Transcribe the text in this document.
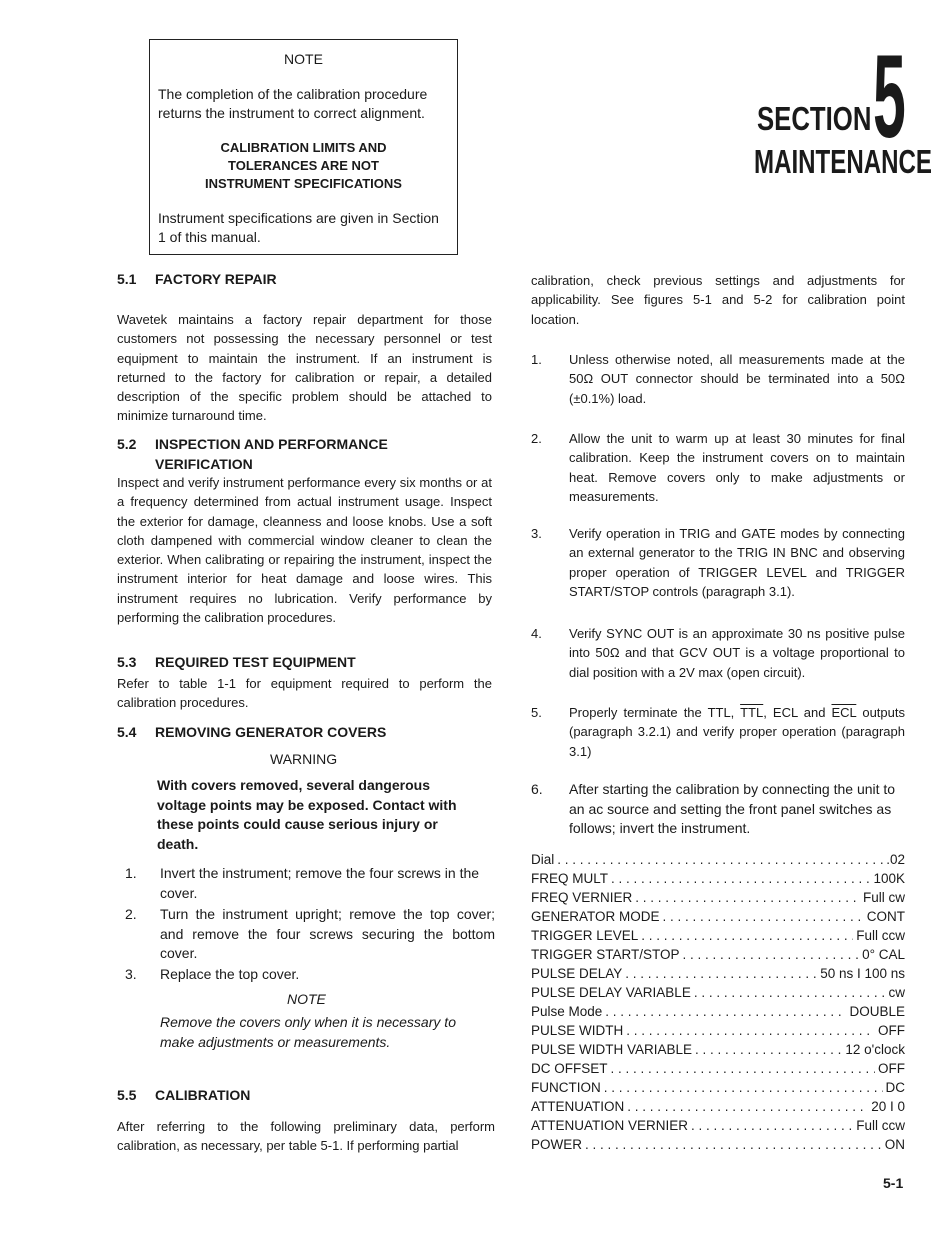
NOTE
The completion of the calibration procedure returns the instrument to correct alignment.
CALIBRATION LIMITS AND
TOLERANCES ARE NOT
INSTRUMENT SPECIFICATIONS
Instrument specifications are given in Section 1 of this manual.
SECTION 5
MAINTENANCE
5.1 FACTORY REPAIR
Wavetek maintains a factory repair department for those customers not possessing the necessary personnel or test equipment to maintain the instrument. If an instrument is returned to the factory for calibration or repair, a detailed description of the specific problem should be attached to minimize turnaround time.
5.2 INSPECTION AND PERFORMANCE
VERIFICATION
Inspect and verify instrument performance every six months or at a frequency determined from actual instrument usage. Inspect the exterior for damage, cleanness and loose knobs. Use a soft cloth dampened with commercial window cleaner to clean the exterior. When calibrating or repairing the instrument, inspect the instrument interior for heat damage and loose wires. This instrument requires no lubrication. Verify performance by performing the calibration procedures.
5.3 REQUIRED TEST EQUIPMENT
Refer to table 1-1 for equipment required to perform the calibration procedures.
5.4 REMOVING GENERATOR COVERS
WARNING
With covers removed, several dangerous voltage points may be exposed. Contact with these points could cause serious injury or death.
1. Invert the instrument; remove the four screws in the cover.
2. Turn the instrument upright; remove the top cover; and remove the four screws securing the bottom cover.
3. Replace the top cover.
NOTE
Remove the covers only when it is necessary to make adjustments or measurements.
5.5 CALIBRATION
After referring to the following preliminary data, perform calibration, as necessary, per table 5-1. If performing partial
calibration, check previous settings and adjustments for applicability. See figures 5-1 and 5-2 for calibration point location.
1. Unless otherwise noted, all measurements made at the 50Ω OUT connector should be terminated into a 50Ω (±0.1%) load.
2. Allow the unit to warm up at least 30 minutes for final calibration. Keep the instrument covers on to maintain heat. Remove covers only to make adjustments or measurements.
3. Verify operation in TRIG and GATE modes by connecting an external generator to the TRIG IN BNC and observing proper operation of TRIGGER LEVEL and TRIGGER START/STOP controls (paragraph 3.1).
4. Verify SYNC OUT is an approximate 30 ns positive pulse into 50Ω and that GCV OUT is a voltage proportional to dial position with a 2V max (open circuit).
5. Properly terminate the TTL, $\overline{TTL}$, ECL and $\overline{ECL}$ outputs (paragraph 3.2.1) and verify proper operation (paragraph 3.1)
6. After starting the calibration by connecting the unit to an ac source and setting the front panel switches as follows; invert the instrument.
Dial . . .	.02
FREQ MULT . . .	100K
FREQ VERNIER . . .	Full cw
GENERATOR MODE . . .	CONT
TRIGGER LEVEL . . .	Full ccw
TRIGGER START/STOP . . .	0° CAL
PULSE DELAY . . .	50 ns I 100 ns
PULSE DELAY VARIABLE . . .	cw
Pulse Mode . . .	DOUBLE
PULSE WIDTH . . .	OFF
PULSE WIDTH VARIABLE . . .	12 o'clock
DC OFFSET . . .	OFF
FUNCTION . . .	DC
ATTENUATION . . .	20 I 0
ATTENUATION VERNIER . . .	Full ccw
POWER . . .	ON
5-1
